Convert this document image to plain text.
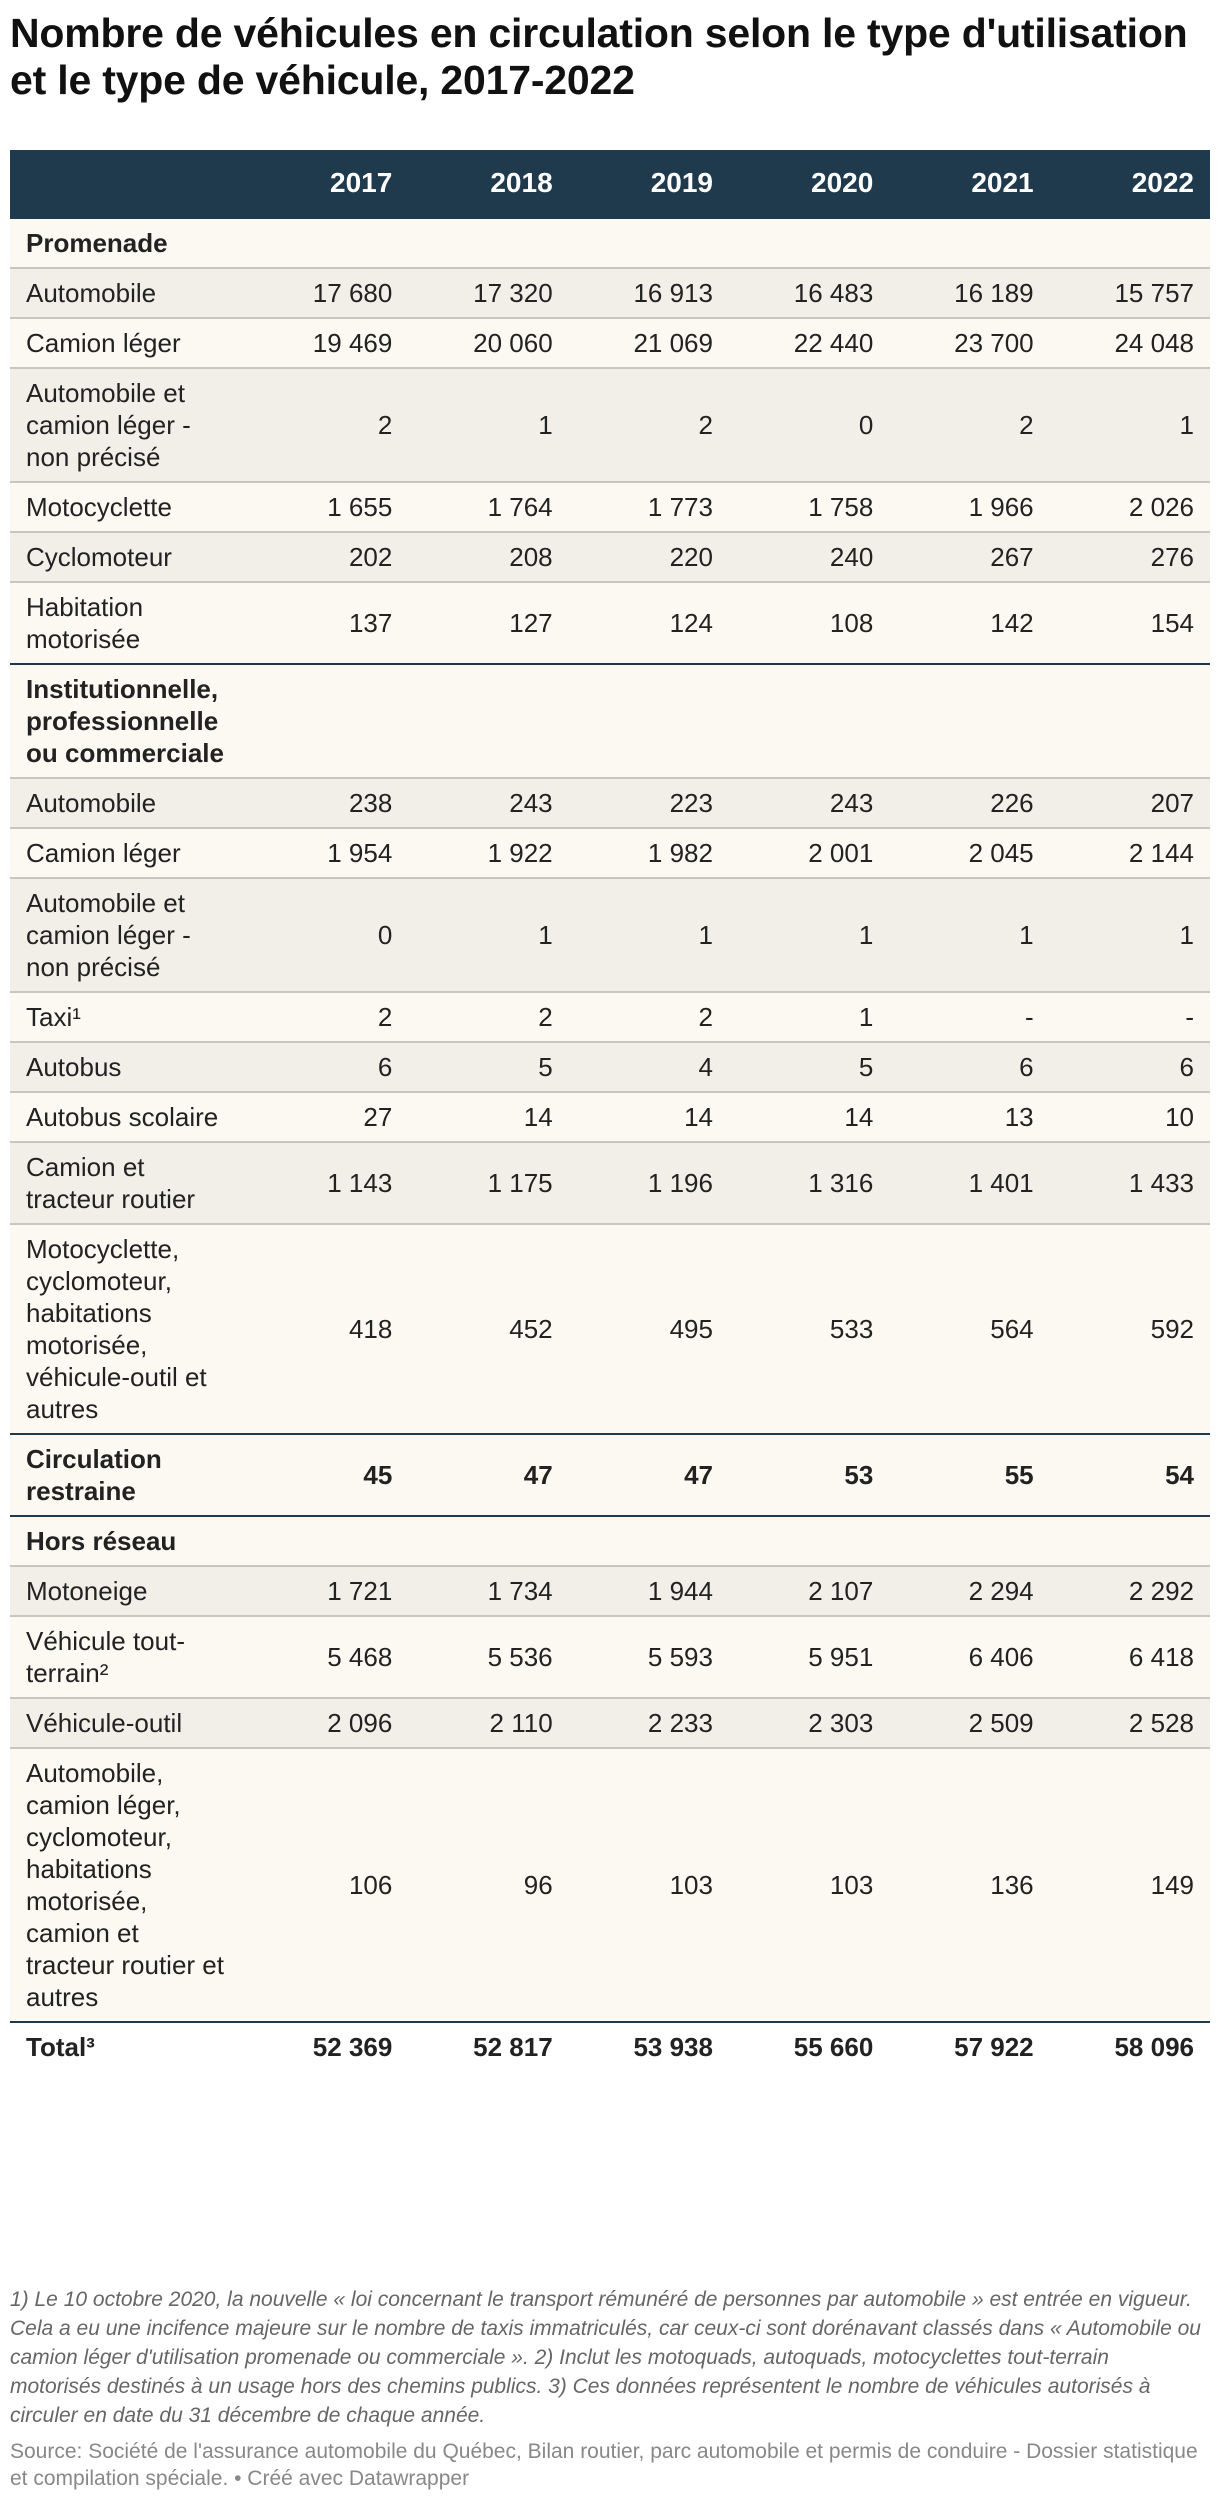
Nombre de véhicules en circulation selon le type d'utilisation et le type de véhicule, 2017-2022
	2017	2018	2019	2020	2021	2022
Promenade						
Automobile	17 680	17 320	16 913	16 483	16 189	15 757
Camion léger	19 469	20 060	21 069	22 440	23 700	24 048
Automobile et camion léger - non précisé	2	1	2	0	2	1
Motocyclette	1 655	1 764	1 773	1 758	1 966	2 026
Cyclomoteur	202	208	220	240	267	276
Habitation motorisée	137	127	124	108	142	154
Institutionnelle, professionnelle ou commerciale						
Automobile	238	243	223	243	226	207
Camion léger	1 954	1 922	1 982	2 001	2 045	2 144
Automobile et camion léger - non précisé	0	1	1	1	1	1
Taxi¹	2	2	2	1	-	-
Autobus	6	5	4	5	6	6
Autobus scolaire	27	14	14	14	13	10
Camion et tracteur routier	1 143	1 175	1 196	1 316	1 401	1 433
Motocyclette, cyclomoteur, habitations motorisée, véhicule-outil et autres	418	452	495	533	564	592
Circulation restraine	45	47	47	53	55	54
Hors réseau						
Motoneige	1 721	1 734	1 944	2 107	2 294	2 292
Véhicule tout-terrain²	5 468	5 536	5 593	5 951	6 406	6 418
Véhicule-outil	2 096	2 110	2 233	2 303	2 509	2 528
Automobile, camion léger, cyclomoteur, habitations motorisée, camion et tracteur routier et autres	106	96	103	103	136	149
Total³	52 369	52 817	53 938	55 660	57 922	58 096
1) Le 10 octobre 2020, la nouvelle « loi concernant le transport rémunéré de personnes par automobile » est entrée en vigueur. Cela a eu une incifence majeure sur le nombre de taxis immatriculés, car ceux-ci sont dorénavant classés dans « Automobile ou camion léger d'utilisation promenade ou commerciale ». 2) Inclut les motoquads, autoquads, motocyclettes tout-terrain motorisés destinés à un usage hors des chemins publics. 3) Ces données représentent le nombre de véhicules autorisés à circuler en date du 31 décembre de chaque année.
Source: Société de l'assurance automobile du Québec, Bilan routier, parc automobile et permis de conduire - Dossier statistique et compilation spéciale. • Créé avec Datawrapper
